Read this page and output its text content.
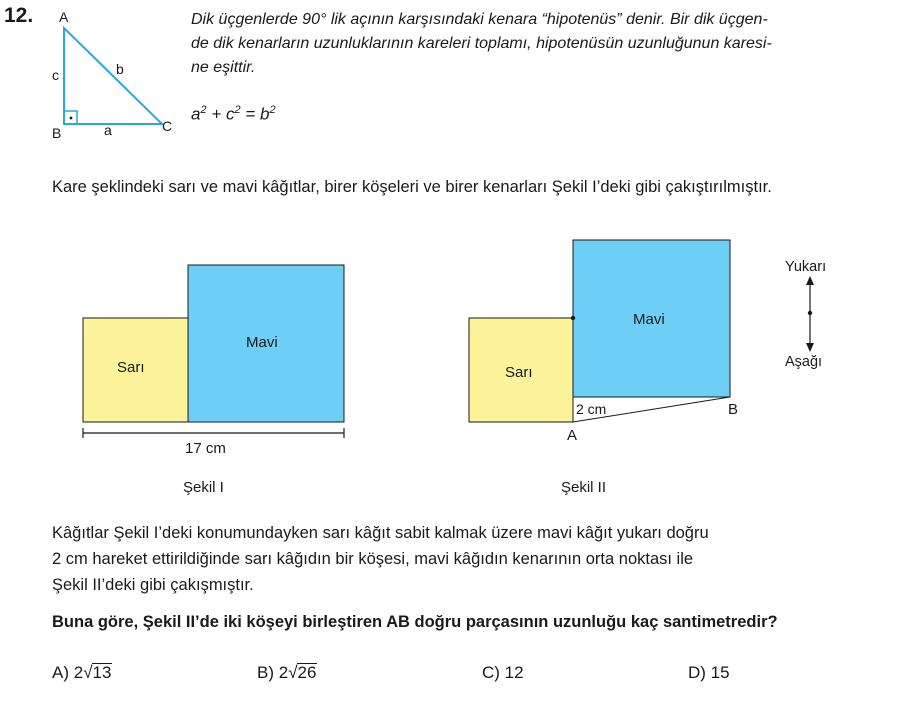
12. A
B	C
c	b
a

Dik üçgenlerde 90° lik açının karşısındaki kenara “hipotenüs” denir. Bir dik üçgen-

de dik kenarların uzunluklarının kareleri toplamı, hipotenüsün uzunluğunun karesi-

ne eşittir.

$a^2 + c^2 = b^2$
Kare şeklindeki sarı ve mavi kâğıtlar, birer köşeleri ve birer kenarları Şekil I’deki gibi çakıştırılmıştır.
Sarı
Mavi
17 cm
Şekil I
Sarı
Mavi
2 cm
A
B
Şekil II
Yukarı
Aşağı
Kâğıtlar Şekil I’deki konumundayken sarı kâğıt sabit kalmak üzere mavi kâğıt yukarı doğru
2 cm hareket ettirildiğinde sarı kâğıdın bir köşesi, mavi kâğıdın kenarının orta noktası ile
Şekil II’deki gibi çakışmıştır.
Buna göre, Şekil II’de iki köşeyi birleştiren AB doğru parçasının uzunluğu kaç santimetredir?
A) 2√13	B) 2√26	C) 12	D) 15
